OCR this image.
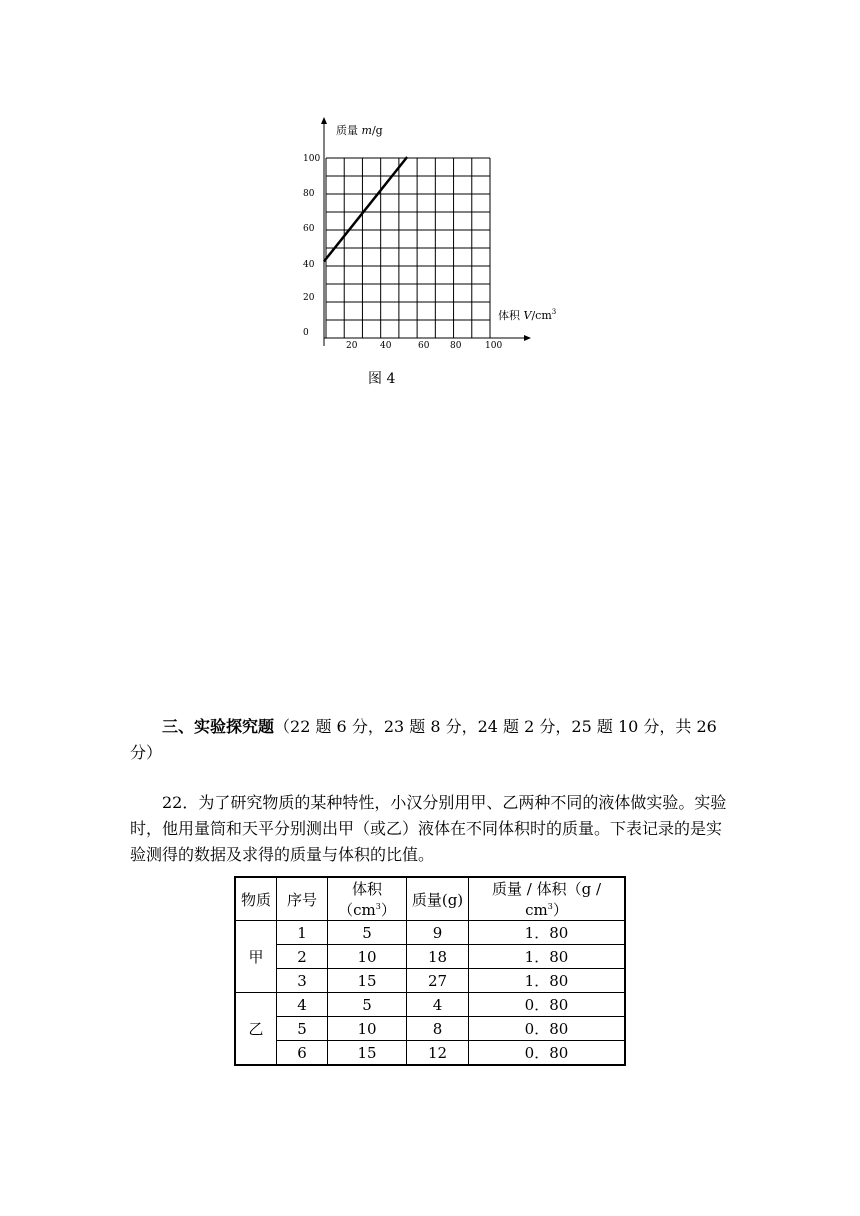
100
80
60
40
20
0
20	40	60 80	100
质量 m/g
体积 $V/cm^3$
图 4
三、实验探究题（22 题 6 分，23 题 8 分，24 题 2 分，25 题 10 分，共 26 分）
22．为了研究物质的某种特性，小汉分别用甲、乙两种不同的液体做实验。实验时，他用量筒和天平分别测出甲（或乙）液体在不同体积时的质量。下表记录的是实验测得的数据及求得的质量与体积的比值。
物质	序号	体积$(cm^3)$	质量(g)	质量 / 体积$(g / cm^3)$
甲	1	5	9	1．80
	2	10	18	1．80
	3	15	27	1．80
乙	4	5	4	0．80
	5	10	8	0．80
	6	15	12	0．80
